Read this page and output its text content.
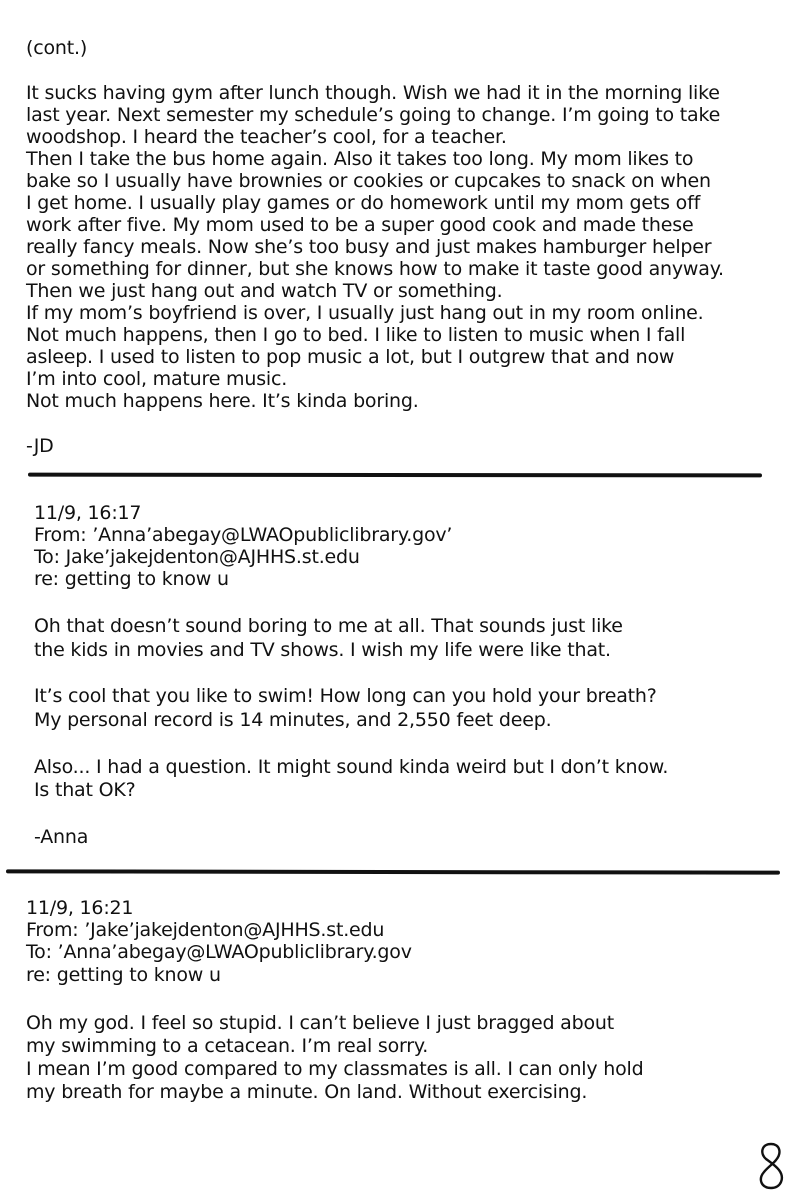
(cont.)
It sucks having gym after lunch though. Wish we had it in the morning like
last year. Next semester my schedule’s going to change. I’m going to take
woodshop. I heard the teacher’s cool, for a teacher.
Then I take the bus home again. Also it takes too long. My mom likes to
bake so I usually have brownies or cookies or cupcakes to snack on when
I get home. I usually play games or do homework until my mom gets off
work after five. My mom used to be a super good cook and made these
really fancy meals. Now she’s too busy and just makes hamburger helper
or something for dinner, but she knows how to make it taste good anyway.
Then we just hang out and watch TV or something.
If my mom’s boyfriend is over, I usually just hang out in my room online.
Not much happens, then I go to bed. I like to listen to music when I fall
asleep. I used to listen to pop music a lot, but I outgrew that and now
I’m into cool, mature music.
Not much happens here. It’s kinda boring.
-JD
11/9, 16:17
From: ’Anna’abegay@LWAOpubliclibrary.gov’
To: Jake’jakejdenton@AJHHS.st.edu
re: getting to know u
Oh that doesn’t sound boring to me at all. That sounds just like
the kids in movies and TV shows. I wish my life were like that.
It’s cool that you like to swim! How long can you hold your breath?
My personal record is 14 minutes, and 2,550 feet deep.
Also... I had a question. It might sound kinda weird but I don’t know.
Is that OK?
-Anna
11/9, 16:21
From: ’Jake’jakejdenton@AJHHS.st.edu
To: ’Anna’abegay@LWAOpubliclibrary.gov
re: getting to know u
Oh my god. I feel so stupid. I can’t believe I just bragged about
my swimming to a cetacean. I’m real sorry.
I mean I’m good compared to my classmates is all. I can only hold
my breath for maybe a minute. On land. Without exercising.
